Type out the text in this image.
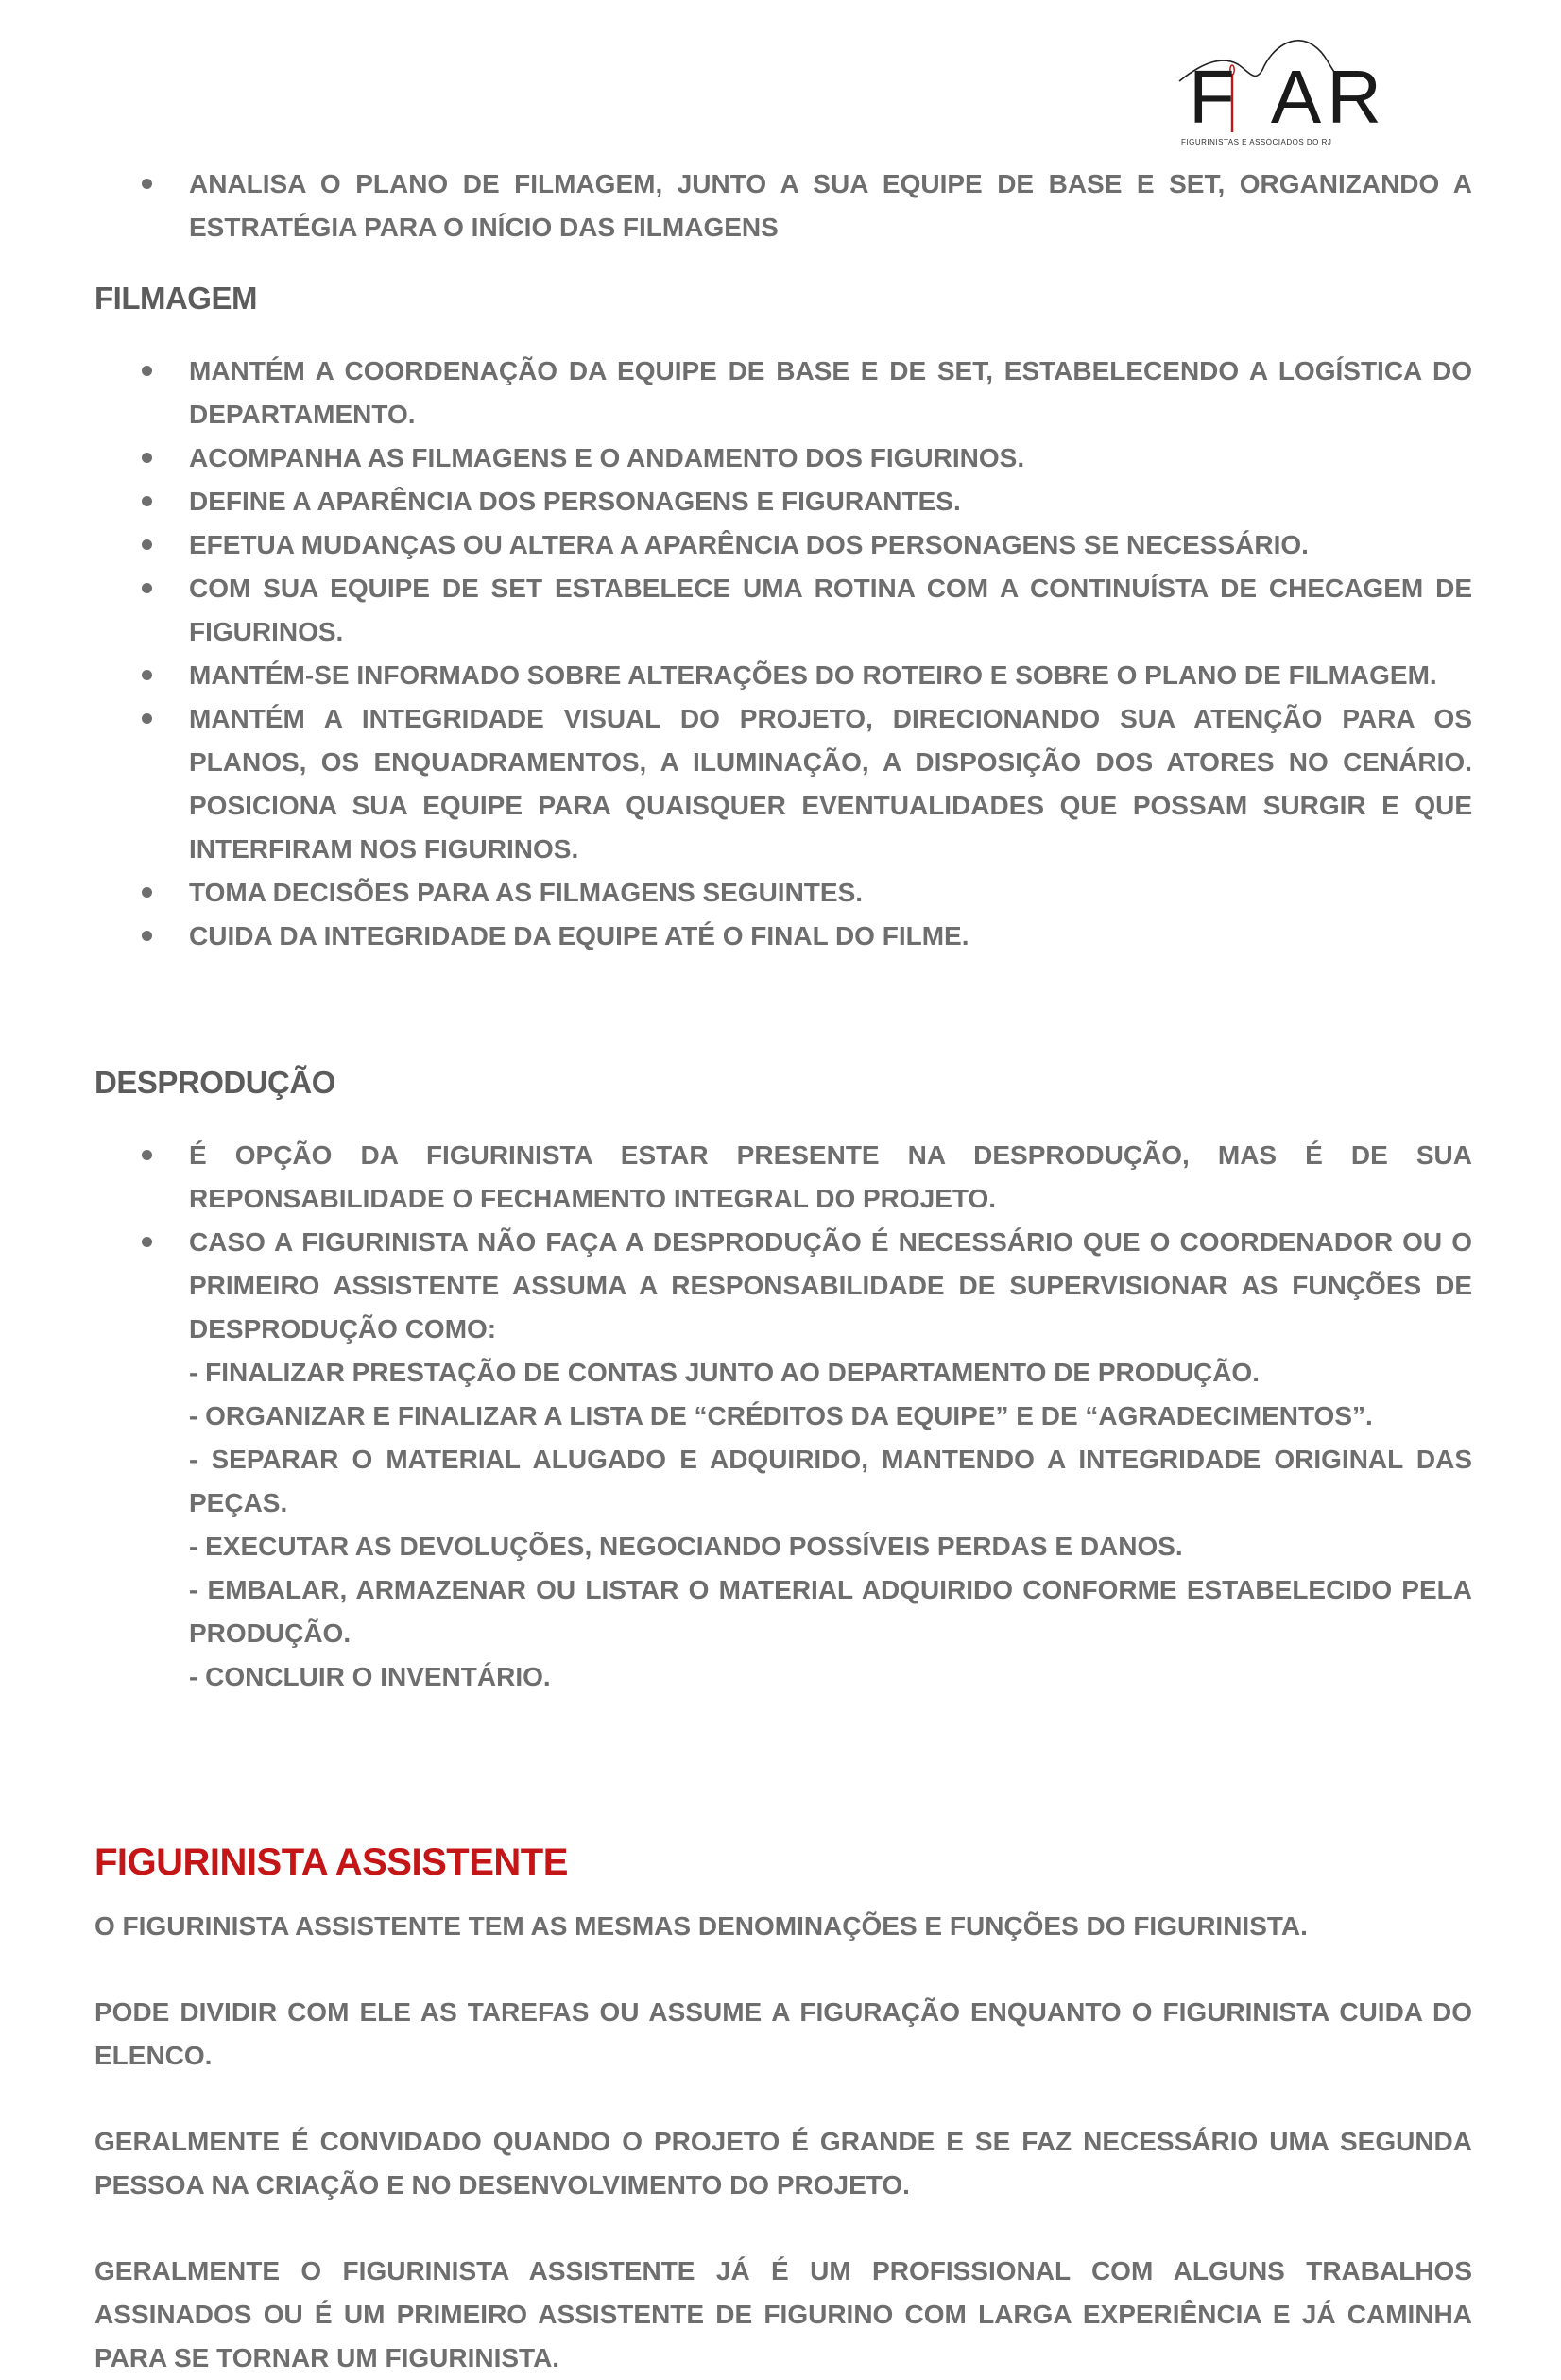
FAR
FIGURINISTAS E ASSOCIADOS DO RJ
ANALISA O PLANO DE FILMAGEM, JUNTO A SUA EQUIPE DE BASE E SET, ORGANIZANDO A ESTRATÉGIA PARA O INÍCIO DAS FILMAGENS
FILMAGEM
MANTÉM A COORDENAÇÃO DA EQUIPE DE BASE E DE SET, ESTABELECENDO A LOGÍSTICA DO DEPARTAMENTO.
ACOMPANHA AS FILMAGENS E O ANDAMENTO DOS FIGURINOS.
DEFINE A APARÊNCIA DOS PERSONAGENS E FIGURANTES.
EFETUA MUDANÇAS OU ALTERA A APARÊNCIA DOS PERSONAGENS SE NECESSÁRIO.
COM SUA EQUIPE DE SET ESTABELECE UMA ROTINA COM A CONTINUÍSTA DE CHECAGEM DE FIGURINOS.
MANTÉM-SE INFORMADO SOBRE ALTERAÇÕES DO ROTEIRO E SOBRE O PLANO DE FILMAGEM.
MANTÉM A INTEGRIDADE VISUAL DO PROJETO, DIRECIONANDO SUA ATENÇÃO PARA OS PLANOS, OS ENQUADRAMENTOS, A ILUMINAÇÃO, A DISPOSIÇÃO DOS ATORES NO CENÁRIO. POSICIONA SUA EQUIPE PARA QUAISQUER EVENTUALIDADES QUE POSSAM SURGIR E QUE INTERFIRAM NOS FIGURINOS.
TOMA DECISÕES PARA AS FILMAGENS SEGUINTES.
CUIDA DA INTEGRIDADE DA EQUIPE ATÉ O FINAL DO FILME.
DESPRODUÇÃO
É OPÇÃO DA FIGURINISTA ESTAR PRESENTE NA DESPRODUÇÃO, MAS É DE SUA REPONSABILIDADE O FECHAMENTO INTEGRAL DO PROJETO.
CASO A FIGURINISTA NÃO FAÇA A DESPRODUÇÃO É NECESSÁRIO QUE O COORDENADOR OU O PRIMEIRO ASSISTENTE ASSUMA A RESPONSABILIDADE DE SUPERVISIONAR AS FUNÇÕES DE DESPRODUÇÃO COMO:
- FINALIZAR PRESTAÇÃO DE CONTAS JUNTO AO DEPARTAMENTO DE PRODUÇÃO.
- ORGANIZAR E FINALIZAR A LISTA DE “CRÉDITOS DA EQUIPE” E DE “AGRADECIMENTOS”.
- SEPARAR O MATERIAL ALUGADO E ADQUIRIDO, MANTENDO A INTEGRIDADE ORIGINAL DAS PEÇAS.
- EXECUTAR AS DEVOLUÇÕES, NEGOCIANDO POSSÍVEIS PERDAS E DANOS.
- EMBALAR, ARMAZENAR OU LISTAR O MATERIAL ADQUIRIDO CONFORME ESTABELECIDO PELA PRODUÇÃO.
- CONCLUIR O INVENTÁRIO.
FIGURINISTA ASSISTENTE

O FIGURINISTA ASSISTENTE TEM AS MESMAS DENOMINAÇÕES E FUNÇÕES DO FIGURINISTA.

PODE DIVIDIR COM ELE AS TAREFAS OU ASSUME A FIGURAÇÃO ENQUANTO O FIGURINISTA CUIDA DO ELENCO.

GERALMENTE É CONVIDADO QUANDO O PROJETO É GRANDE E SE FAZ NECESSÁRIO UMA SEGUNDA PESSOA NA CRIAÇÃO E NO DESENVOLVIMENTO DO PROJETO.

GERALMENTE O FIGURINISTA ASSISTENTE JÁ É UM PROFISSIONAL COM ALGUNS TRABALHOS ASSINADOS OU É UM PRIMEIRO ASSISTENTE DE FIGURINO COM LARGA EXPERIÊNCIA E JÁ CAMINHA PARA SE TORNAR UM FIGURINISTA.
